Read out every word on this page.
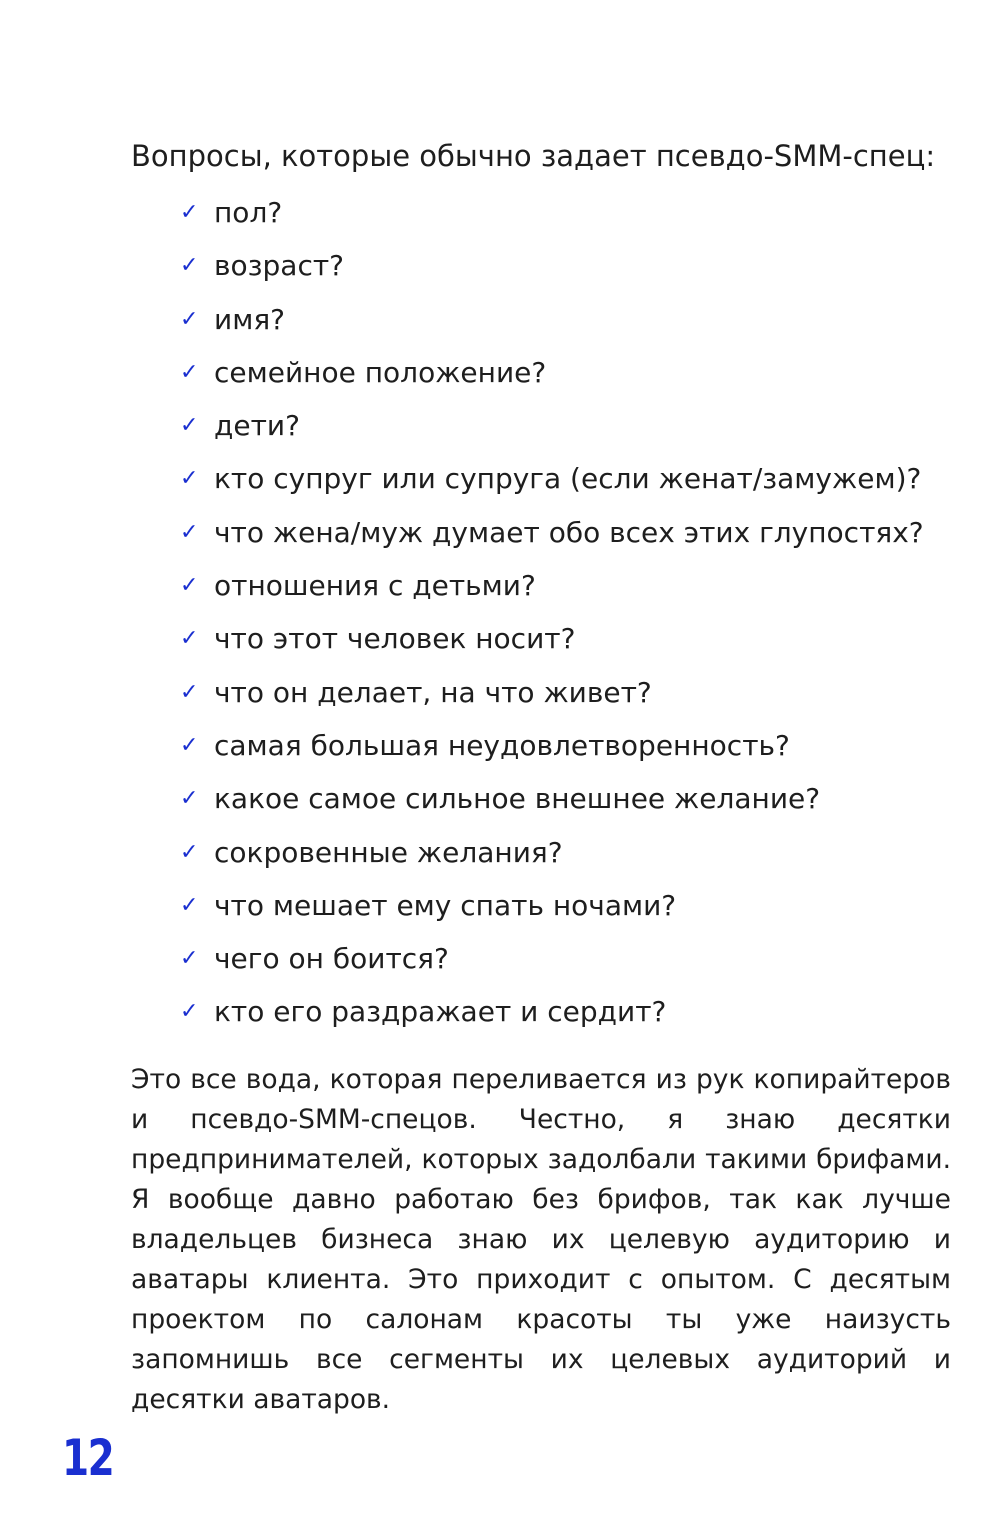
Вопросы, которые обычно задает псевдо-SMM-спец:

✓ пол?
✓ возраст?
✓ имя?
✓ семейное положение?
✓ дети?
✓ кто супруг или супруга (если женат/замужем)?
✓ что жена/муж думает обо всех этих глупостях?
✓ отношения с детьми?
✓ что этот человек носит?
✓ что он делает, на что живет?
✓ самая большая неудовлетворенность?
✓ какое самое сильное внешнее желание?
✓ сокровенные желания?
✓ что мешает ему спать ночами?
✓ чего он боится?
✓ кто его раздражает и сердит?

Это все вода, которая переливается из рук копирайтеров и псевдо-SMM-спецов. Честно, я знаю десятки предпринимателей, которых задолбали такими брифами. Я вообще давно работаю без брифов, так как лучше владельцев бизнеса знаю их целевую аудиторию и аватары клиента. Это приходит с опытом. С десятым проектом по салонам красоты ты уже наизусть запомнишь все сегменты их целевых аудиторий и десятки аватаров.

12
